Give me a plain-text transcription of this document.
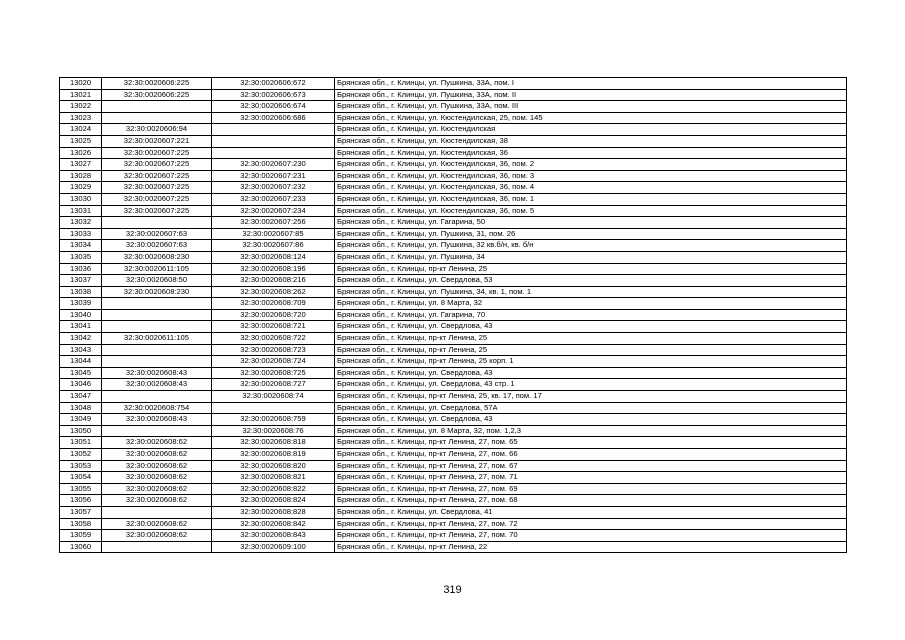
13020	32:30:0020606:225	32:30:0020606:672	Брянская обл., г. Клинцы, ул. Пушкина, 33А, пом. I
13021	32:30:0020606:225	32:30:0020606:673	Брянская обл., г. Клинцы, ул. Пушкина, 33А, пом. II
13022		32:30:0020606:674	Брянская обл., г. Клинцы, ул. Пушкина, 33А, пом. III
13023		32:30:0020606:686	Брянская обл., г. Клинцы, ул. Кюстендилская, 25, пом. 145
13024	32:30:0020606:94		Брянская обл., г. Клинцы, ул. Кюстендилская
13025	32:30:0020607:221		Брянская обл., г. Клинцы, ул. Кюстендилская, 38
13026	32:30:0020607:225		Брянская обл., г. Клинцы, ул. Кюстендилская, 36
13027	32:30:0020607:225	32:30:0020607:230	Брянская обл., г. Клинцы, ул. Кюстендилская, 36, пом. 2
13028	32:30:0020607:225	32:30:0020607:231	Брянская обл., г. Клинцы, ул. Кюстендилская, 36, пом. 3
13029	32:30:0020607:225	32:30:0020607:232	Брянская обл., г. Клинцы, ул. Кюстендилская, 36, пом. 4
13030	32:30:0020607:225	32:30:0020607:233	Брянская обл., г. Клинцы, ул. Кюстендилская, 36, пом. 1
13031	32:30:0020607:225	32:30:0020607:234	Брянская обл., г. Клинцы, ул. Кюстендилская, 36, пом. 5
13032		32:30:0020607:256	Брянская обл., г. Клинцы, ул. Гагарина, 50
13033	32:30:0020607:63	32:30:0020607:85	Брянская обл., г. Клинцы, ул. Пушкина, 31, пом. 26
13034	32:30:0020607:63	32:30:0020607:86	Брянская обл., г. Клинцы, ул. Пушкина, 32 кв.б/н, кв. б/н
13035	32:30:0020608:230	32:30:0020608:124	Брянская обл., г. Клинцы, ул. Пушкина, 34
13036	32:30:0020611:105	32:30:0020608:196	Брянская обл., г. Клинцы, пр-кт Ленина, 25
13037	32:30:0020608:50	32:30:0020608:216	Брянская обл., г. Клинцы, ул. Свердлова, 53
13038	32:30:0020608:230	32:30:0020608:262	Брянская обл., г. Клинцы, ул. Пушкина, 34, кв. 1, пом. 1
13039		32:30:0020608:709	Брянская обл., г. Клинцы, ул. 8 Марта, 32
13040		32:30:0020608:720	Брянская обл., г. Клинцы, ул. Гагарина, 70
13041		32:30:0020608:721	Брянская обл., г. Клинцы, ул. Свердлова, 43
13042	32:30:0020611:105	32:30:0020608:722	Брянская обл., г. Клинцы, пр-кт Ленина, 25
13043		32:30:0020608:723	Брянская обл., г. Клинцы, пр-кт Ленина, 25
13044		32:30:0020608:724	Брянская обл., г. Клинцы, пр-кт Ленина, 25 корп. 1
13045	32:30:0020608:43	32:30:0020608:725	Брянская обл., г. Клинцы, ул. Свердлова, 43
13046	32:30:0020608:43	32:30:0020608:727	Брянская обл., г. Клинцы, ул. Свердлова, 43 стр. 1
13047		32:30:0020608:74	Брянская обл., г. Клинцы, пр-кт Ленина, 25, кв. 17, пом. 17
13048	32:30:0020608:754		Брянская обл., г. Клинцы, ул. Свердлова, 57А
13049	32:30:0020608:43	32:30:0020608:759	Брянская обл., г. Клинцы, ул. Свердлова, 43
13050		32:30:0020608:76	Брянская обл., г. Клинцы, ул. 8 Марта, 32, пом. 1,2,3
13051	32:30:0020608:62	32:30:0020608:818	Брянская обл., г. Клинцы, пр-кт Ленина, 27, пом. 65
13052	32:30:0020608:62	32:30:0020608:819	Брянская обл., г. Клинцы, пр-кт Ленина, 27, пом. 66
13053	32:30:0020608:62	32:30:0020608:820	Брянская обл., г. Клинцы, пр-кт Ленина, 27, пом. 67
13054	32:30:0020608:62	32:30:0020608:821	Брянская обл., г. Клинцы, пр-кт Ленина, 27, пом. 71
13055	32:30:0020608:62	32:30:0020608:822	Брянская обл., г. Клинцы, пр-кт Ленина, 27, пом. 69
13056	32:30:0020608:62	32:30:0020608:824	Брянская обл., г. Клинцы, пр-кт Ленина, 27, пом. 68
13057		32:30:0020608:828	Брянская обл., г. Клинцы, ул. Свердлова, 41
13058	32:30:0020608:62	32:30:0020608:842	Брянская обл., г. Клинцы, пр-кт Ленина, 27, пом. 72
13059	32:30:0020608:62	32:30:0020608:843	Брянская обл., г. Клинцы, пр-кт Ленина, 27, пом. 70
13060		32:30:0020609:100	Брянская обл., г. Клинцы, пр-кт Ленина, 22
319
